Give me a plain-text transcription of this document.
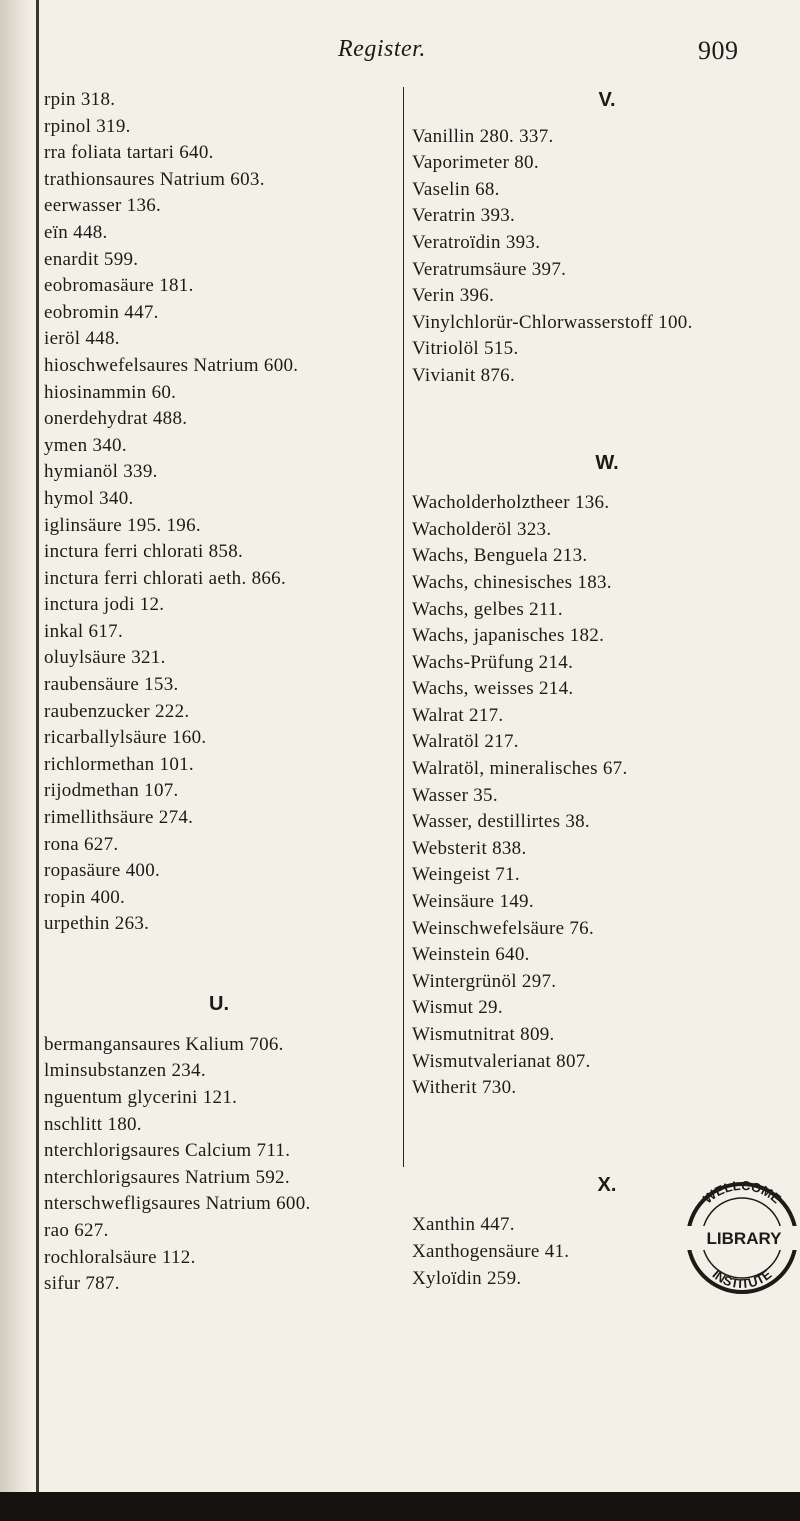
Register.	909
rpin 318.
rpinol 319.
rra foliata tartari 640.
trathionsaures Natrium 603.
eerwasser 136.
eïn 448.
enardit 599.
eobromasäure 181.
eobromin 447.
ieröl 448.
hioschwefelsaures Natrium 600.
hiosinammin 60.
onerdehydrat 488.
ymen 340.
hymianöl 339.
hymol 340.
iglinsäure 195. 196.
inctura ferri chlorati 858.
inctura ferri chlorati aeth. 866.
inctura jodi 12.
inkal 617.
oluylsäure 321.
raubensäure 153.
raubenzucker 222.
ricarballylsäure 160.
richlormethan 101.
rijodmethan 107.
rimellithsäure 274.
rona 627.
ropasäure 400.
ropin 400.
urpethin 263.
U.
bermangansaures Kalium 706.
lminsubstanzen 234.
nguentum glycerini 121.
nschlitt 180.
nterchlorigsaures Calcium 711.
nterchlorigsaures Natrium 592.
nterschwefligsaures Natrium 600.
rao 627.
rochloralsäure 112.
sifur 787.
V.
Vanillin 280. 337.
Vaporimeter 80.
Vaselin 68.
Veratrin 393.
Veratroïdin 393.
Veratrumsäure 397.
Verin 396.
Vinylchlorür-Chlorwasserstoff 100.
Vitriolöl 515.
Vivianit 876.
W.
Wacholderholztheer 136.
Wacholderöl 323.
Wachs, Benguela 213.
Wachs, chinesisches 183.
Wachs, gelbes 211.
Wachs, japanisches 182.
Wachs-Prüfung 214.
Wachs, weisses 214.
Walrat 217.
Walratöl 217.
Walratöl, mineralisches 67.
Wasser 35.
Wasser, destillirtes 38.
Websterit 838.
Weingeist 71.
Weinsäure 149.
Weinschwefelsäure 76.
Weinstein 640.
Wintergrünöl 297.
Wismut 29.
Wismutnitrat 809.
Wismutvalerianat 807.
Witherit 730.
X.
Xanthin 447.
Xanthogensäure 41.
Xyloïdin 259.
WELLCOME
LIBRARY
INSTITUTE
